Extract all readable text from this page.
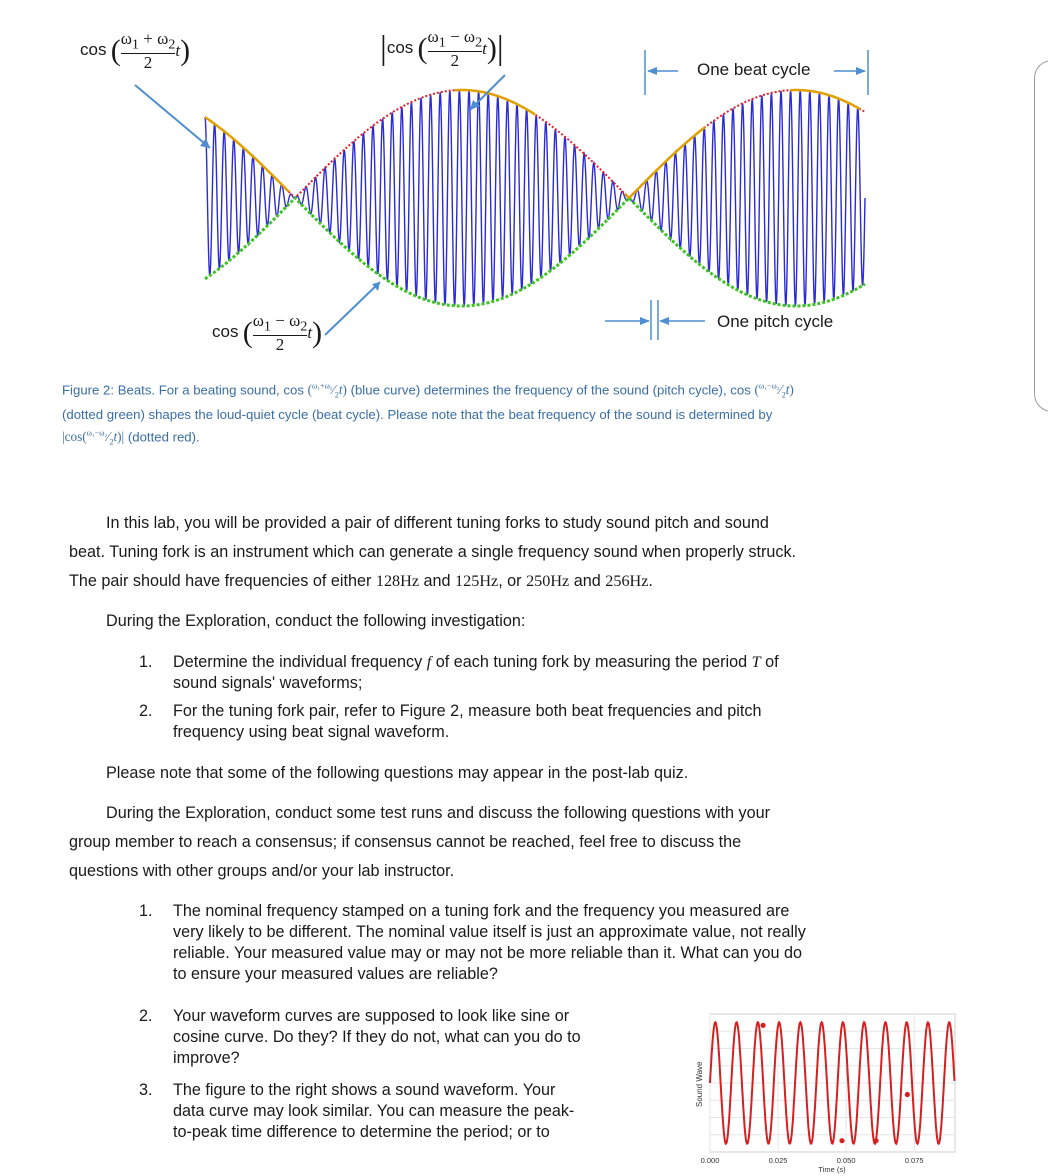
cos ( $\frac{\omega_1 + \omega_2}{2} t$)	|cos ( $\frac{\omega_1 - \omega_2}{2} t)|$
cos ( $\frac{\omega_1 - \omega_2}{2} t$)
One beat cycle
One pitch cycle
Figure 2: Beats. For a beating sound, $\cos (^{\omega_1+\omega_2}⁄_2t)$ (blue curve) determines the frequency of the sound (pitch cycle), $\cos (^{\omega_1-\omega_2}⁄_2t)$
(dotted green) shapes the loud-quiet cycle (beat cycle). Please note that the beat frequency of the sound is determined by
$|\cos(^{\omega_1-\omega_2}⁄_2t)|$ (dotted red).
In this lab, you will be provided a pair of different tuning forks to study sound pitch and sound
beat. Tuning fork is an instrument which can generate a single frequency sound when properly struck.
The pair should have frequencies of either 128Hz and 125Hz, or 250Hz and 256Hz.
During the Exploration, conduct the following investigation:
1. Determine the individual frequency f of each tuning fork by measuring the period T of
sound signals' waveforms;
2. For the tuning fork pair, refer to Figure 2, measure both beat frequencies and pitch
frequency using beat signal waveform.
Please note that some of the following questions may appear in the post-lab quiz.
During the Exploration, conduct some test runs and discuss the following questions with your
group member to reach a consensus; if consensus cannot be reached, feel free to discuss the
questions with other groups and/or your lab instructor.
1. The nominal frequency stamped on a tuning fork and the frequency you measured are
very likely to be different. The nominal value itself is just an approximate value, not really
reliable. Your measured value may or may not be more reliable than it. What can you do
to ensure your measured values are reliable?
2. Your waveform curves are supposed to look like sine or
cosine curve. Do they? If they do not, what can you do to
improve?
3. The figure to the right shows a sound waveform. Your
data curve may look similar. You can measure the peak-
to-peak time difference to determine the period; or to
Sound Wave
0.000	0.025	0.050	0.075
Time (s)
